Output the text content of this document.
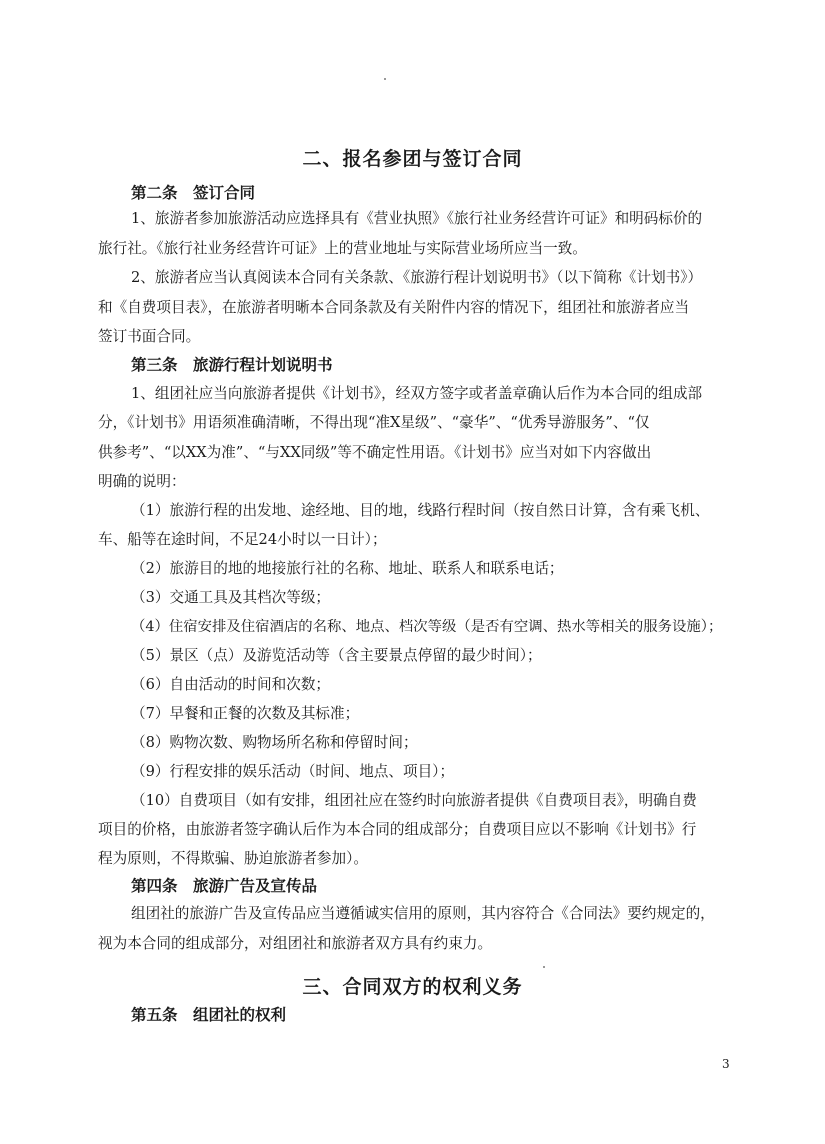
二、报名参团与签订合同
第二条　签订合同
1、旅游者参加旅游活动应选择具有《营业执照》《旅行社业务经营许可证》和明码标价的
旅行社。《旅行社业务经营许可证》上的营业地址与实际营业场所应当一致。
2、旅游者应当认真阅读本合同有关条款、《旅游行程计划说明书》（以下简称《计划书》）
和《自费项目表》，在旅游者明晰本合同条款及有关附件内容的情况下，组团社和旅游者应当
签订书面合同。
第三条　旅游行程计划说明书
1、组团社应当向旅游者提供《计划书》，经双方签字或者盖章确认后作为本合同的组成部
分，《计划书》用语须准确清晰，不得出现“准X星级”、“豪华”、“优秀导游服务”、“仅
供参考”、“以XX为准”、“与XX同级”等不确定性用语。《计划书》应当对如下内容做出
明确的说明：
（1）旅游行程的出发地、途经地、目的地，线路行程时间（按自然日计算，含有乘飞机、
车、船等在途时间，不足24小时以一日计）；
（2）旅游目的地的地接旅行社的名称、地址、联系人和联系电话；
（3）交通工具及其档次等级；
（4）住宿安排及住宿酒店的名称、地点、档次等级（是否有空调、热水等相关的服务设施）；
（5）景区（点）及游览活动等（含主要景点停留的最少时间）；
（6）自由活动的时间和次数；
（7）早餐和正餐的次数及其标准；
（8）购物次数、购物场所名称和停留时间；
（9）行程安排的娱乐活动（时间、地点、项目）；
（10）自费项目（如有安排，组团社应在签约时向旅游者提供《自费项目表》，明确自费
项目的价格，由旅游者签字确认后作为本合同的组成部分；自费项目应以不影响《计划书》行
程为原则，不得欺骗、胁迫旅游者参加）。
第四条　旅游广告及宣传品
组团社的旅游广告及宣传品应当遵循诚实信用的原则，其内容符合《合同法》要约规定的，
视为本合同的组成部分，对组团社和旅游者双方具有约束力。
三、合同双方的权利义务
第五条　组团社的权利
3
